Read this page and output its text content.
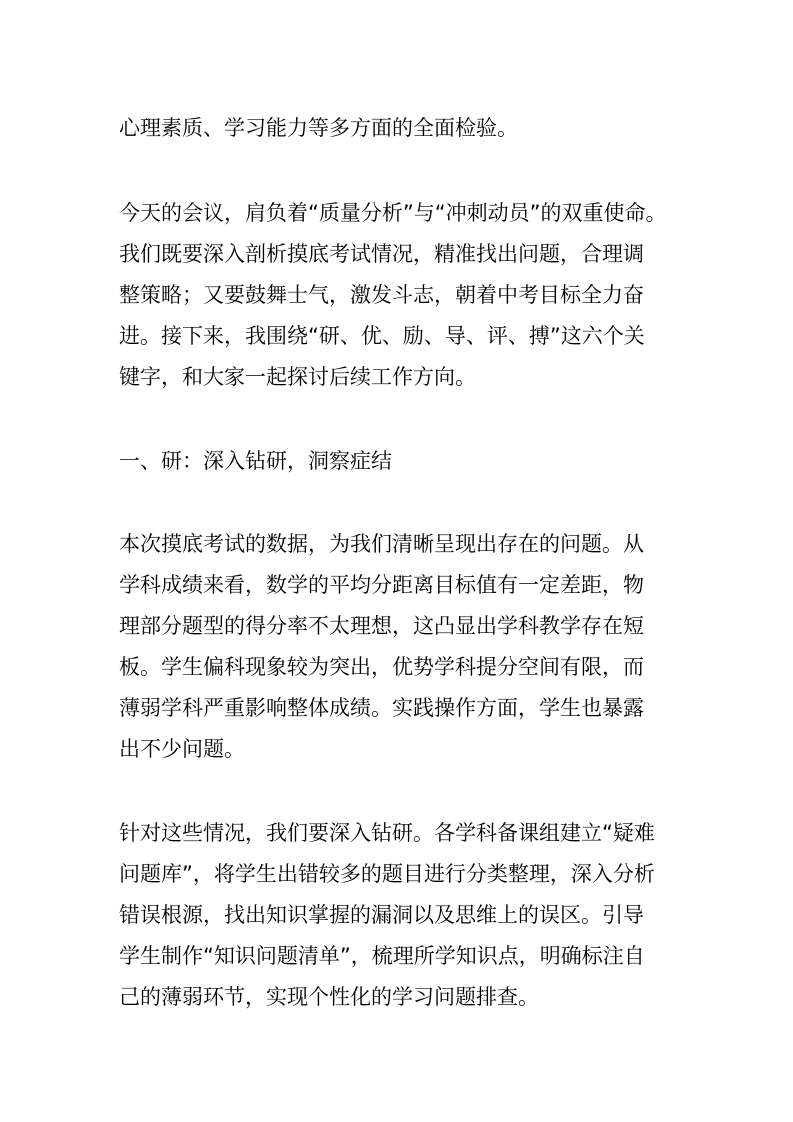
心理素质、学习能力等多方面的全面检验。
今天的会议，肩负着“质量分析”与“冲刺动员”的双重使命。
我们既要深入剖析摸底考试情况，精准找出问题，合理调
整策略；又要鼓舞士气，激发斗志，朝着中考目标全力奋
进。接下来，我围绕“研、优、励、导、评、搏”这六个关
键字，和大家一起探讨后续工作方向。
一、研：深入钻研，洞察症结
本次摸底考试的数据，为我们清晰呈现出存在的问题。从
学科成绩来看，数学的平均分距离目标值有一定差距，物
理部分题型的得分率不太理想，这凸显出学科教学存在短
板。学生偏科现象较为突出，优势学科提分空间有限，而
薄弱学科严重影响整体成绩。实践操作方面，学生也暴露
出不少问题。
针对这些情况，我们要深入钻研。各学科备课组建立“疑难
问题库”，将学生出错较多的题目进行分类整理，深入分析
错误根源，找出知识掌握的漏洞以及思维上的误区。引导
学生制作“知识问题清单”，梳理所学知识点，明确标注自
己的薄弱环节，实现个性化的学习问题排查。
